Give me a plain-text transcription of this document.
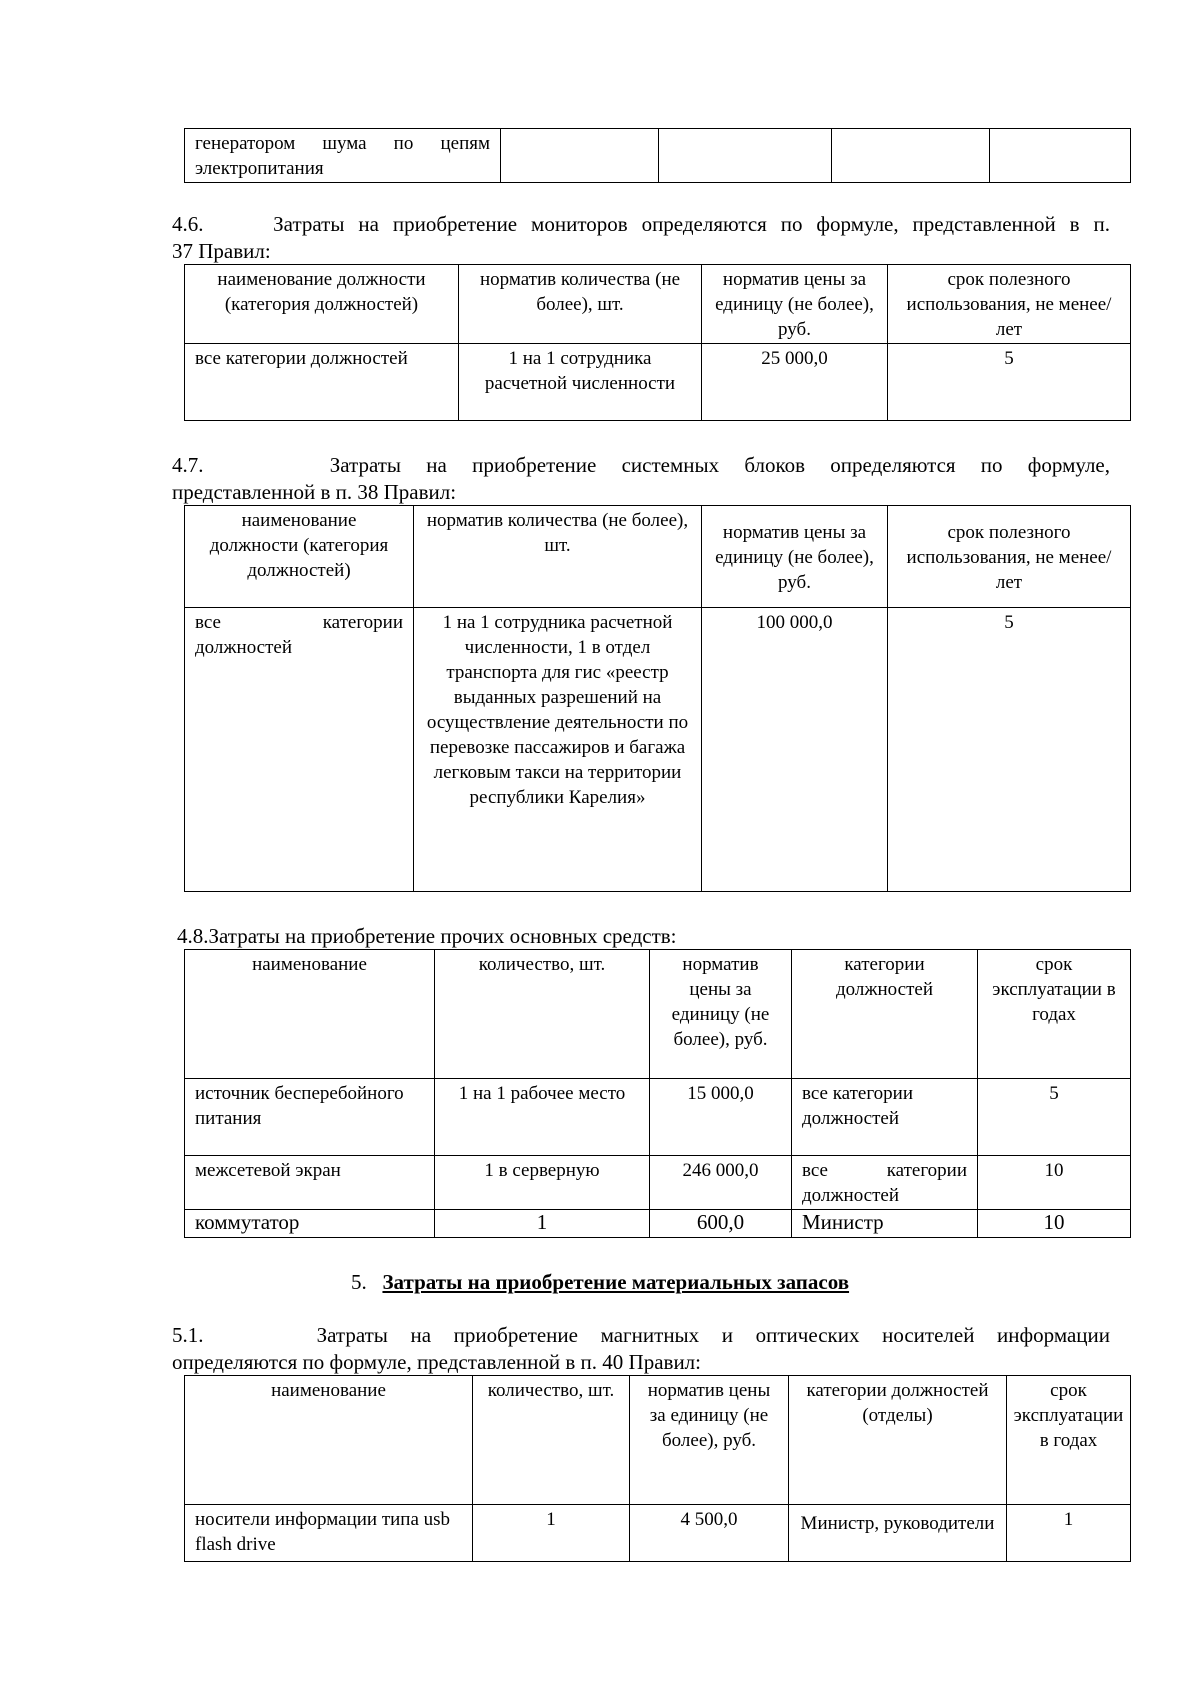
генератором шума по цепям электропитания				
4.6.	Затраты на приобретение мониторов определяются по формуле, представленной в п.
37 Правил:
наименование должности (категория должностей)	норматив количества (не более), шт.	норматив цены за единицу (не более), руб.	срок полезного использования, не менее/лет
все категории должностей	1 на 1 сотрудника расчетной численности	25 000,0	5
4.7.	Затраты на приобретение системных блоков определяются по формуле,
представленной в п. 38 Правил:
наименование должности (категория должностей)	норматив количества (не более), шт.	норматив цены за единицу (не более), руб.	срок полезного использования, не менее/лет
все категории должностей	1 на 1 сотрудника расчетной численности, 1 в отдел транспорта для гис «реестр выданных разрешений на осуществление деятельности по перевозке пассажиров и багажа легковым такси на территории республики Карелия»	100 000,0	5
4.8.Затраты на приобретение прочих основных средств:
наименование	количество, шт.	норматив цены за единицу (не более), руб.	категории должностей	срок эксплуатации в годах
источник бесперебойного питания	1 на 1 рабочее место	15 000,0	все категории должностей	5
межсетевой экран	1 в серверную	246 000,0	все категории должностей	10
коммутатор	1	600,0	Министр	10
5. Затраты на приобретение материальных запасов
5.1.	Затраты на приобретение магнитных и оптических носителей информации
определяются по формуле, представленной в п. 40 Правил:
наименование	количество, шт.	норматив цены за единицу (не более), руб.	категории должностей (отделы)	срок эксплуатации в годах
носители информации типа usb flash drive	1	4 500,0	Министр, руководители	1
